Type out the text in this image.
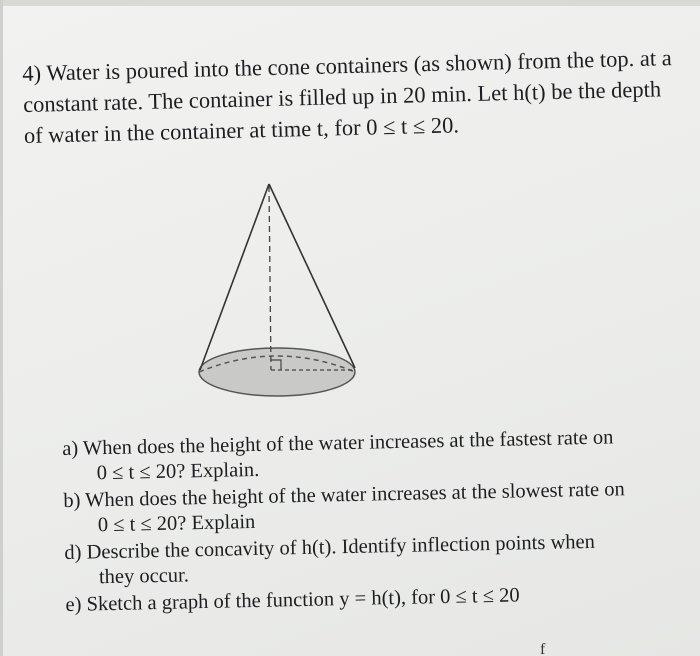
4) Water is poured into the cone containers (as shown) from the top. at a
constant rate. The container is filled up in 20 min. Let h(t) be the depth
of water in the container at time t, for 0 ≤ t ≤ 20.
a) When does the height of the water increases at the fastest rate on
0 ≤ t ≤ 20? Explain.
b) When does the height of the water increases at the slowest rate on
0 ≤ t ≤ 20? Explain
d) Describe the concavity of h(t). Identify inflection points when
they occur.
e) Sketch a graph of the function y = h(t), for 0 ≤ t ≤ 20
f
